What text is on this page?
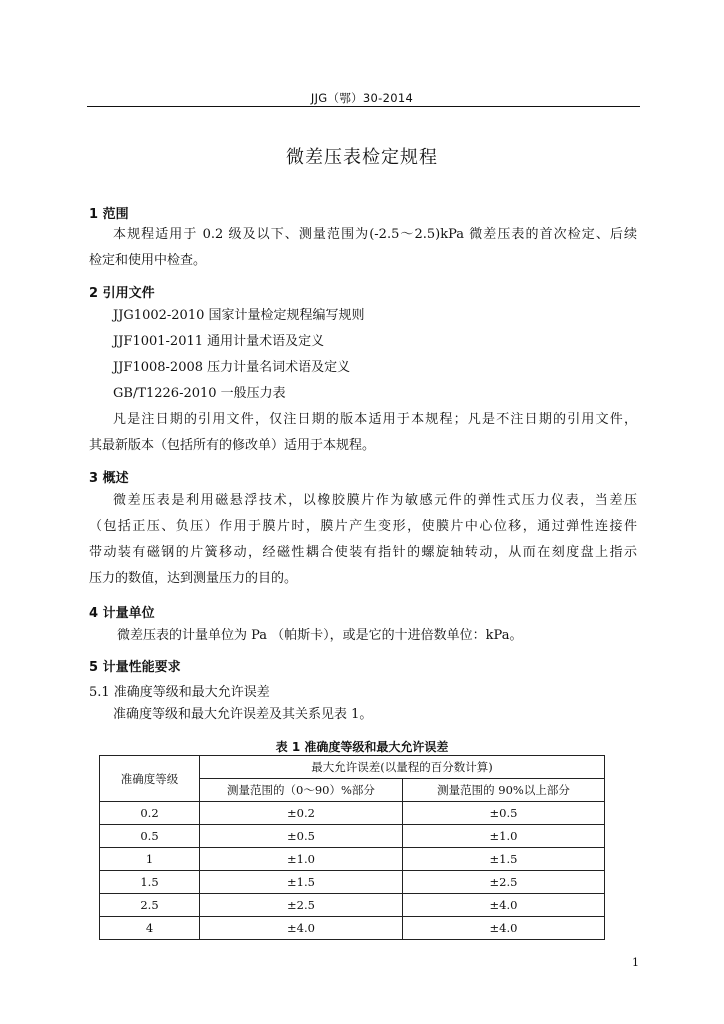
JJG（鄂）30-2014
微差压表检定规程
1 范围
本规程适用于 0.2 级及以下、测量范围为(-2.5～2.5)kPa 微差压表的首次检定、后续
检定和使用中检查。
2 引用文件
JJG1002-2010 国家计量检定规程编写规则
JJF1001-2011 通用计量术语及定义
JJF1008-2008 压力计量名词术语及定义
GB/T1226-2010 一般压力表
凡是注日期的引用文件，仅注日期的版本适用于本规程；凡是不注日期的引用文件，
其最新版本（包括所有的修改单）适用于本规程。
3 概述
微差压表是利用磁悬浮技术，以橡胶膜片作为敏感元件的弹性式压力仪表，当差压
（包括正压、负压）作用于膜片时，膜片产生变形，使膜片中心位移，通过弹性连接件
带动装有磁钢的片簧移动，经磁性耦合使装有指针的螺旋轴转动，从而在刻度盘上指示
压力的数值，达到测量压力的目的。
4 计量单位
微差压表的计量单位为 Pa （帕斯卡），或是它的十进倍数单位：kPa。
5 计量性能要求
5.1 准确度等级和最大允许误差
准确度等级和最大允许误差及其关系见表 1。
表 1 准确度等级和最大允许误差
准确度等级	最大允许误差(以量程的百分数计算)	
	测量范围的（0～90）%部分	测量范围的 90%以上部分
0.2	±0.2	±0.5
0.5	±0.5	±1.0
1	±1.0	±1.5
1.5	±1.5	±2.5
2.5	±2.5	±4.0
4	±4.0	±4.0
1
